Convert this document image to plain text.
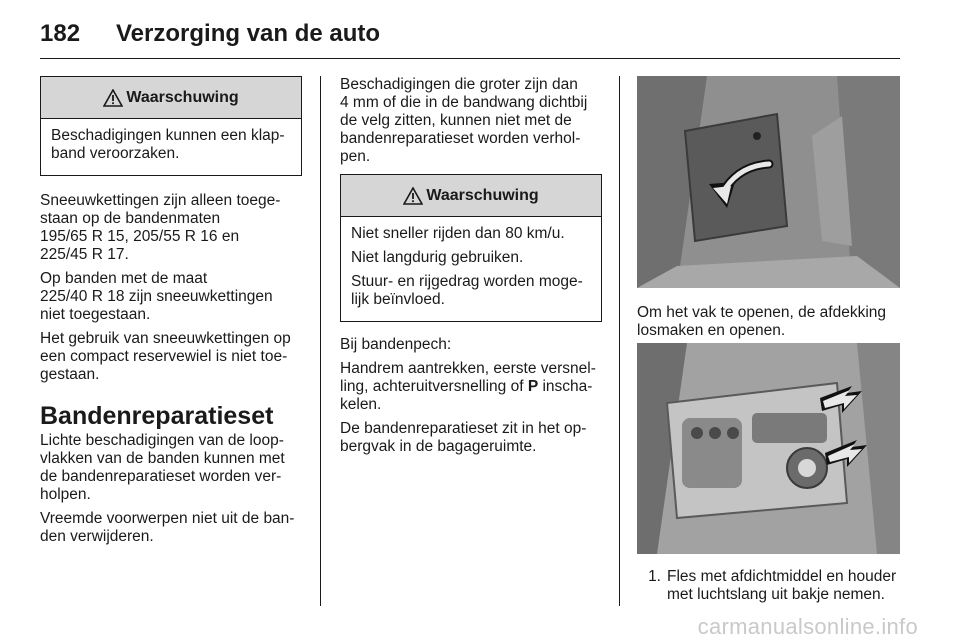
182 Verzorging van de auto
Waarschuwing

Beschadigingen kunnen een klap-
band veroorzaken.

Sneeuwkettingen zijn alleen toege-
staan op de bandenmaten
195/65 R 15, 205/55 R 16 en
225/45 R 17.

Op banden met de maat
225/40 R 18 zijn sneeuwkettingen
niet toegestaan.

Het gebruik van sneeuwkettingen op
een compact reservewiel is niet toe-
gestaan.

Bandenreparatieset

Lichte beschadigingen van de loop-
vlakken van de banden kunnen met
de bandenreparatieset worden ver-
holpen.

Vreemde voorwerpen niet uit de ban-
den verwijderen.

Beschadigingen die groter zijn dan
4 mm of die in de bandwang dichtbij
de velg zitten, kunnen niet met de
bandenreparatieset worden verhol-
pen.

Waarschuwing

Niet sneller rijden dan 80 km/u.

Niet langdurig gebruiken.

Stuur- en rijgedrag worden moge-
lijk beïnvloed.

Bij bandenpech:

Handrem aantrekken, eerste versnel-
ling, achteruitversnelling of P inscha-
kelen.

De bandenreparatieset zit in het op-
bergvak in de bagageruimte.

Om het vak te openen, de afdekking
losmaken en openen.

1. Fles met afdichtmiddel en houder
met luchtslang uit bakje nemen.
carmanualsonline.info
